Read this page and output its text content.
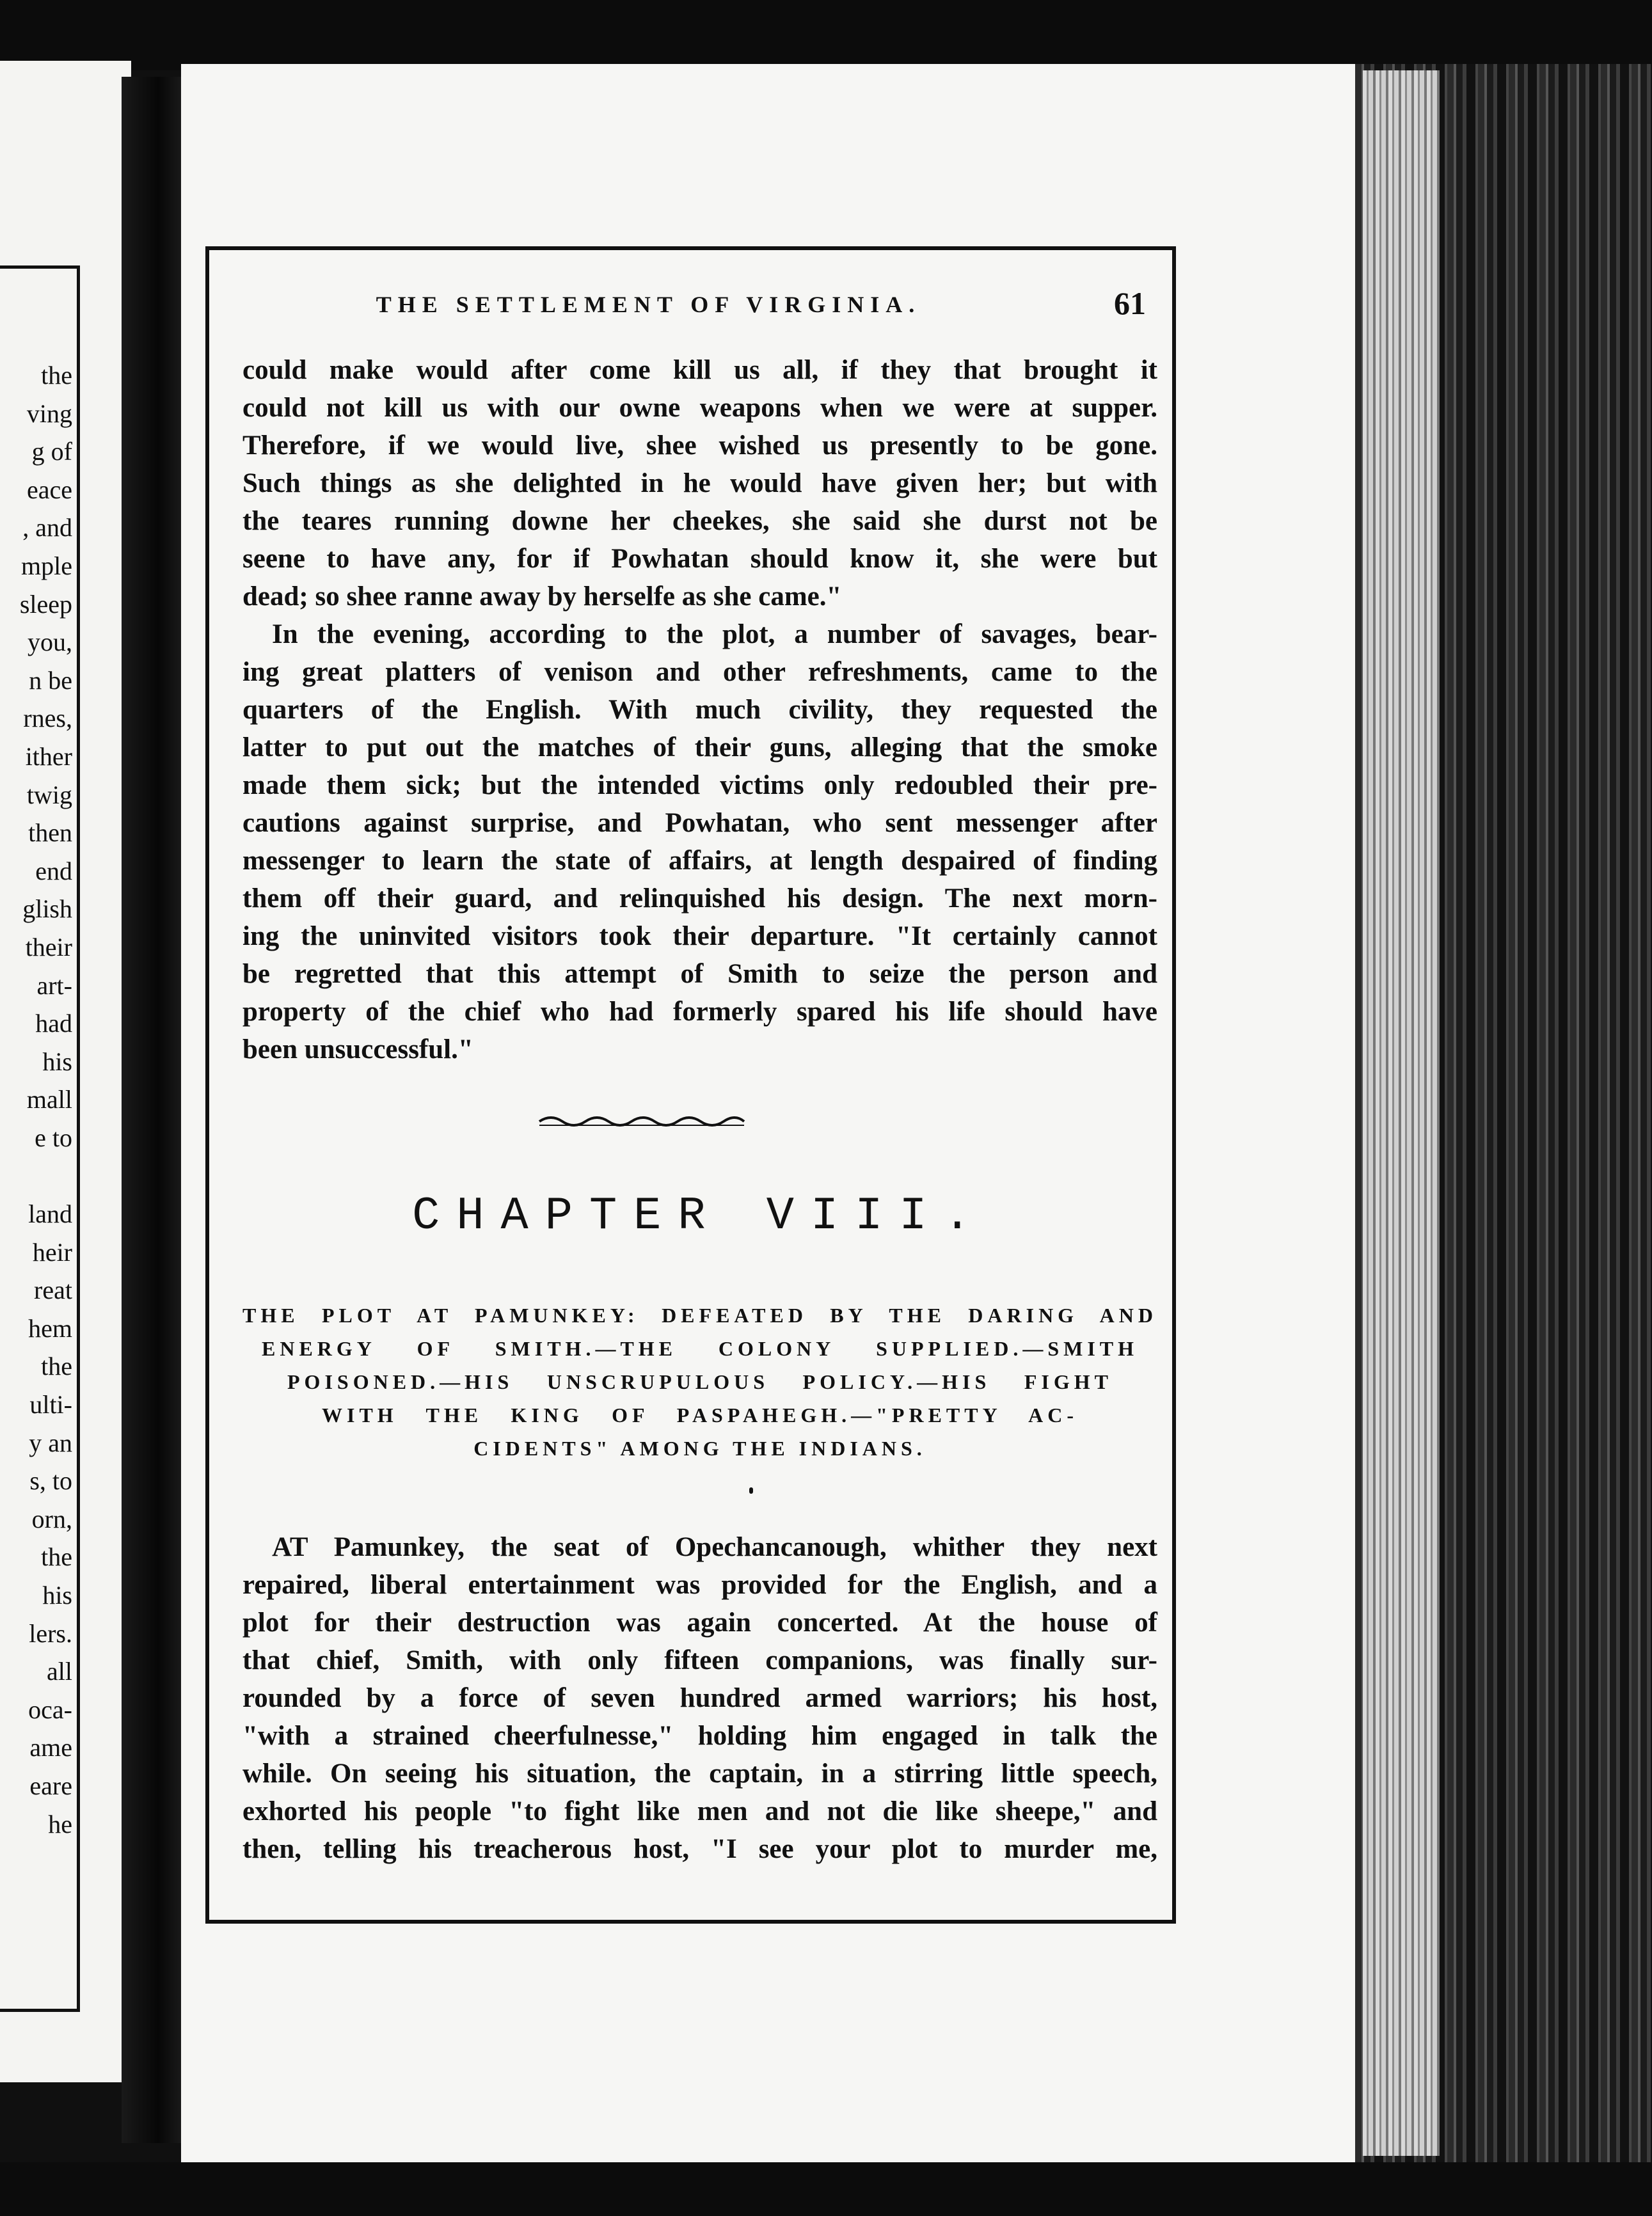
the
ving
g of
eace
, and
mple
sleep
you,
n be
rnes,
ither
twig
then
end
glish
their
art-
had
his
mall
e to
land
heir
reat
hem
the
ulti-
y an
s, to
orn,
the
his
lers.
all
oca-
ame
eare
he
THE SETTLEMENT OF VIRGINIA.	61

could make would after come kill us all, if they that brought it

could not kill us with our owne weapons when we were at supper.

Therefore, if we would live, shee wished us presently to be gone.

Such things as she delighted in he would have given her; but with

the teares running downe her cheekes, she said she durst not be

seene to have any, for if Powhatan should know it, she were but

dead; so shee ranne away by herselfe as she came."

In the evening, according to the plot, a number of savages, bear-

ing great platters of venison and other refreshments, came to the

quarters of the English. With much civility, they requested the

latter to put out the matches of their guns, alleging that the smoke

made them sick; but the intended victims only redoubled their pre-

cautions against surprise, and Powhatan, who sent messenger after

messenger to learn the state of affairs, at length despaired of finding

them off their guard, and relinquished his design. The next morn-

ing the uninvited visitors took their departure. "It certainly cannot

be regretted that this attempt of Smith to seize the person and

property of the chief who had formerly spared his life should have

been unsuccessful."

CHAPTER VIII.

THE PLOT AT PAMUNKEY: DEFEATED BY THE DARING AND

ENERGY OF SMITH.—THE COLONY SUPPLIED.—SMITH

POISONED.—HIS UNSCRUPULOUS POLICY.—HIS FIGHT

WITH THE KING OF PASPAHEGH.—"PRETTY AC-

CIDENTS" AMONG THE INDIANS.

AT Pamunkey, the seat of Opechancanough, whither they next

repaired, liberal entertainment was provided for the English, and a

plot for their destruction was again concerted. At the house of

that chief, Smith, with only fifteen companions, was finally sur-

rounded by a force of seven hundred armed warriors; his host,

"with a strained cheerfulnesse," holding him engaged in talk the

while. On seeing his situation, the captain, in a stirring little speech,

exhorted his people "to fight like men and not die like sheepe," and

then, telling his treacherous host, "I see your plot to murder me,
